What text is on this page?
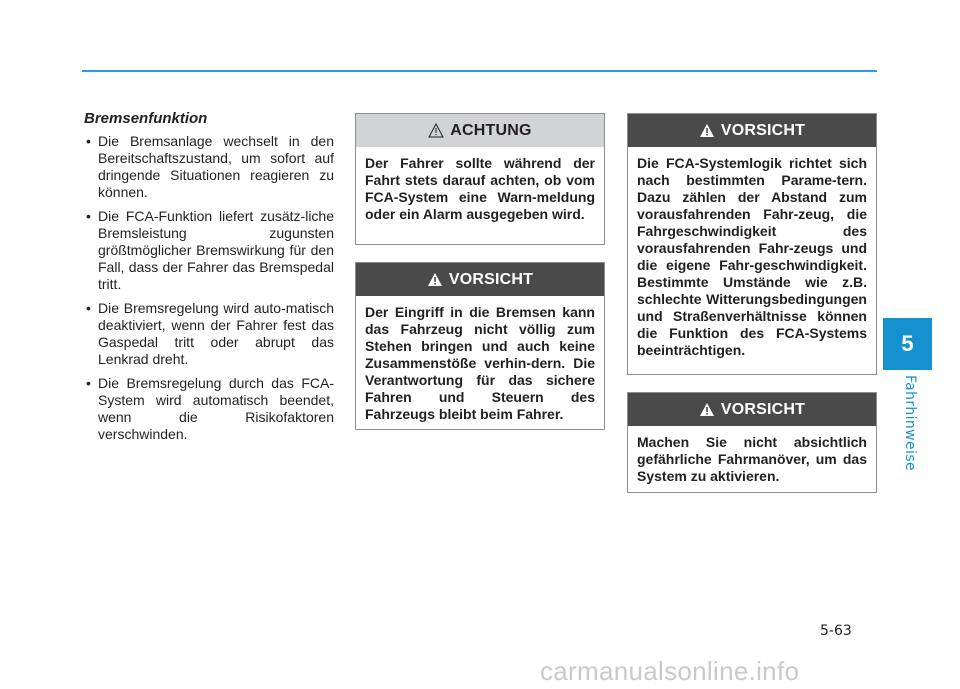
5
Fahrhinweise
Bremsenfunktion
• Die Bremsanlage wechselt in den Bereitschaftszustand, um sofort auf dringende Situationen reagieren zu können.
• Die FCA-Funktion liefert zusätz-liche Bremsleistung zugunsten größtmöglicher Bremswirkung für den Fall, dass der Fahrer das Bremspedal tritt.
• Die Bremsregelung wird auto-matisch deaktiviert, wenn der Fahrer fest das Gaspedal tritt oder abrupt das Lenkrad dreht.
• Die Bremsregelung durch das FCA-System wird automatisch beendet, wenn die Risikofaktoren verschwinden.
ACHTUNG
Der Fahrer sollte während der Fahrt stets darauf achten, ob vom FCA-System eine Warn-meldung oder ein Alarm ausgegeben wird.
VORSICHT
Der Eingriff in die Bremsen kann das Fahrzeug nicht völlig zum Stehen bringen und auch keine Zusammenstöße verhin-dern. Die Verantwortung für das sichere Fahren und Steuern des Fahrzeugs bleibt beim Fahrer.
VORSICHT
Die FCA-Systemlogik richtet sich nach bestimmten Parame-tern. Dazu zählen der Abstand zum vorausfahrenden Fahr-zeug, die Fahrgeschwindigkeit des vorausfahrenden Fahr-zeugs und die eigene Fahr-geschwindigkeit. Bestimmte Umstände wie z.B. schlechte Witterungsbedingungen und Straßenverhältnisse können die Funktion des FCA-Systems beeinträchtigen.
VORSICHT
Machen Sie nicht absichtlich gefährliche Fahrmanöver, um das System zu aktivieren.
5-63
carmanualsonline.info
